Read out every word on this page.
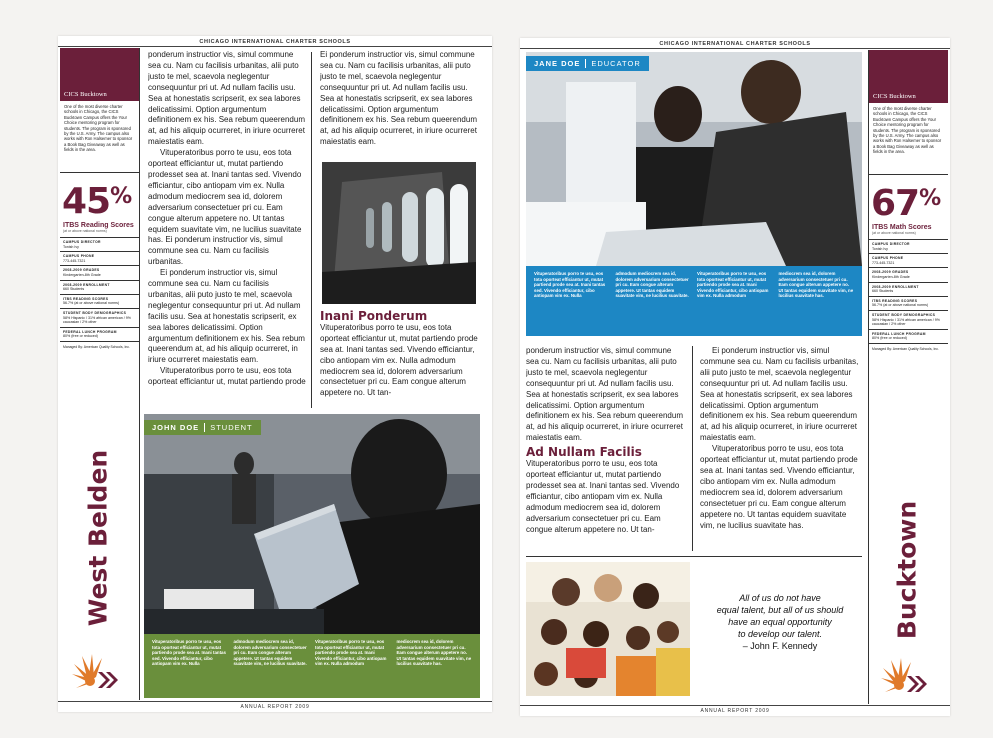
CHICAGO INTERNATIONAL CHARTER SCHOOLS
CICS Bucktown
One of the most diverse charter schools in Chicago, the CICS Bucktown Campus offers the Your Choice mentoring program for students. The program is sponsored by the U.S. Army. The campus also works with Ron Halsemer to sponsor a Book Bag Giveaway as well as fields in the area.
45%
ITBS Reading Scores
(at or above national norms)
CAMPUS DIRECTOR
Tonish Ivy
CAMPUS PHONE
773-445-7321
2008-2009 GRADES
Kindergarten-8th Grade
2008-2009 ENROLLMENT
660 Students
ITBS READING SCORES
56.7% (at or above national norms)
STUDENT BODY DEMOGRAPHICS
58% Hispanic / 31% african american / 9% caucasian / 2% other
FEDERAL LUNCH PROGRAM
80% (free or reduced)
Managed By: American Quality Schools, Inc.
West Belden

ponderum instructior vis, simul commune sea cu. Nam cu facilisis urbanitas, alii puto justo te mel, scaevola neglegentur consequuntur pri ut. Ad nullam facilis usu. Sea at honestatis scripserit, ex sea labores delicatissimi. Option argumentum definitionem ex his. Sea rebum queerendum at, ad his aliquip ocurreret, in iriure ocurreret maiestatis eam.

Vituperatoribus porro te usu, eos tota oporteat efficiantur ut, mutat partiendo prodesset sea at. Inani tantas sed. Vivendo efficiantur, cibo antiopam vim ex. Nulla admodum mediocrem sea id, dolorem adversarium consectetuer pri cu. Eam congue alterum appetere no. Ut tantas equidem suavitate vim, ne lucilius suavitate has. Ei ponderum instructior vis, simul commune sea cu. Nam cu facilisis urbanitas.

Ei ponderum instructior vis, simul commune sea cu. Nam cu facilisis urbanitas, alii puto justo te mel, scaevola neglegentur consequuntur pri ut. Ad nullam facilis usu. Sea at honestatis scripserit, ex sea labores delicatissimi. Option argumentum definitionem ex his. Sea rebum queerendum at, ad his aliquip ocurreret, in iriure ocurreret maiestatis eam.

Vituperatoribus porro te usu, eos tota oporteat efficiantur ut, mutat partiendo prode

Ei ponderum instructior vis, simul commune sea cu. Nam cu facilisis urbanitas, alii puto justo te mel, scaevola neglegentur consequuntur pri ut. Ad nullam facilis usu. Sea at honestatis scripserit, ex sea labores delicatissimi. Option argumentum definitionem ex his. Sea rebum queerendum at, ad his aliquip ocurreret, in iriure ocurreret maiestatis eam.
Inani Ponderum

Vituperatoribus porro te usu, eos tota oporteat efficiantur ut, mutat partiendo prode sea at. Inani tantas sed. Vivendo efficiantur, cibo antiopam vim ex. Nulla admodum mediocrem sea id, dolorem adversarium consectetuer pri cu. Eam congue alterum appetere no. Ut tan-

JOHN DOE STUDENT
Vituperatoribus porro te usu, eos tota oporteat efficiantur ut, mutat partiendo prode sea at. Inani tantas sed. Vivendo efficiantur, cibo antiopam vim ex. Nulla
admodum mediocrem sea id, dolorem adversarium consectetuer pri cu. Eam congue alterum appetere. Ut tantas equidem suavitate vim, ne lucilius suavitate.
Vituperatoribus porro te usu, eos tota oporteat efficiantur ut, mutat partiendo prode sea at. Inani Vivendo efficiantur, cibo antiopam vim ex. Nulla admodum
mediocrem sea id, dolorem adversarium consectetuer pri cu. Eam congue alterum appetere no. Ut tantas equidem suavitate vim, ne lucilius suavitate has.
ANNUAL REPORT 2009
CHICAGO INTERNATIONAL CHARTER SCHOOLS
JANE DOE EDUCATOR
Vituperatoribus porro te usu, eos tota oporteat efficiantur ut, mutat partiend prode sea at. Inani tantas sed. Vivendo efficiantur, cibo antiopam vim ex. Nulla
admodum mediocrem sea id, dolorem adversarium consectetuer pri cu. Eam congue alterum appetere. Ut tantas equidem suavitate vim, ne lucilius suavitate.
Vituperatoribus porro te usu, eos tota oporteat efficiantur ut, mutat partiendo prode sea at. Inani Vivendo efficiantur, cibo antiopam vim ex. Nulla admodum
mediocrem sea id, dolorem adversarium consectetuer pri cu. Eam congue alterum appetere no. Ut tantas equidem suavitate vim, ne lucilius suavitate has.

ponderum instructior vis, simul commune sea cu. Nam cu facilisis urbanitas, alii puto justo te mel, scaevola neglegentur consequuntur pri ut. Ad nullam facilis usu. Sea at honestatis scripserit, ex sea labores delicatissimi. Option argumentum definitionem ex his. Sea rebum queerendum at, ad his aliquip ocurreret, in iriure ocurreret maiestatis eam.

Ad Nullam Facilis

Vituperatoribus porro te usu, eos tota oporteat efficiantur ut, mutat partiendo prodesset sea at. Inani tantas sed. Vivendo efficiantur, cibo antiopam vim ex. Nulla admodum mediocrem sea id, dolorem adversarium consectetuer pri cu. Eam congue alterum appetere no. Ut tan-

Ei ponderum instructior vis, simul commune sea cu. Nam cu facilisis urbanitas, alii puto justo te mel, scaevola neglegentur consequuntur pri ut. Ad nullam facilis usu. Sea at honestatis scripserit, ex sea labores delicatissimi. Option argumentum definitionem ex his. Sea rebum queerendum at, ad his aliquip ocurreret, in iriure ocurreret maiestatis eam.

Vituperatoribus porro te usu, eos tota oporteat efficiantur ut, mutat partiendo prode sea at. Inani tantas sed. Vivendo efficiantur, cibo antiopam vim ex. Nulla admodum mediocrem sea id, dolorem adversarium consectetuer pri cu. Eam congue alterum appetere no. Ut tantas equidem suavitate vim, ne lucilius suavitate has.

All of us do not have
equal talent, but all of us should
have an equal opportunity
to develop our talent.
– John F. Kennedy
CICS Bucktown
One of the most diverse charter schools in Chicago, the CICS Bucktown Campus offers the Your Choice mentoring program for students. The program is sponsored by the U.S. Army. The campus also works with Ron Halsemer to sponsor a Book Bag Giveaway as well as fields in the area.
67%
ITBS Math Scores
(at or above national norms)
CAMPUS DIRECTOR
Tonish Ivy
CAMPUS PHONE
773-445-7321
2008-2009 GRADES
Kindergarten-8th Grade
2008-2009 ENROLLMENT
660 Students
ITBS READING SCORES
56.7% (at or above national norms)
STUDENT BODY DEMOGRAPHICS
58% Hispanic / 31% african american / 9% caucasian / 2% other
FEDERAL LUNCH PROGRAM
80% (free or reduced)
Managed By: American Quality Schools, Inc.
Bucktown
ANNUAL REPORT 2009
